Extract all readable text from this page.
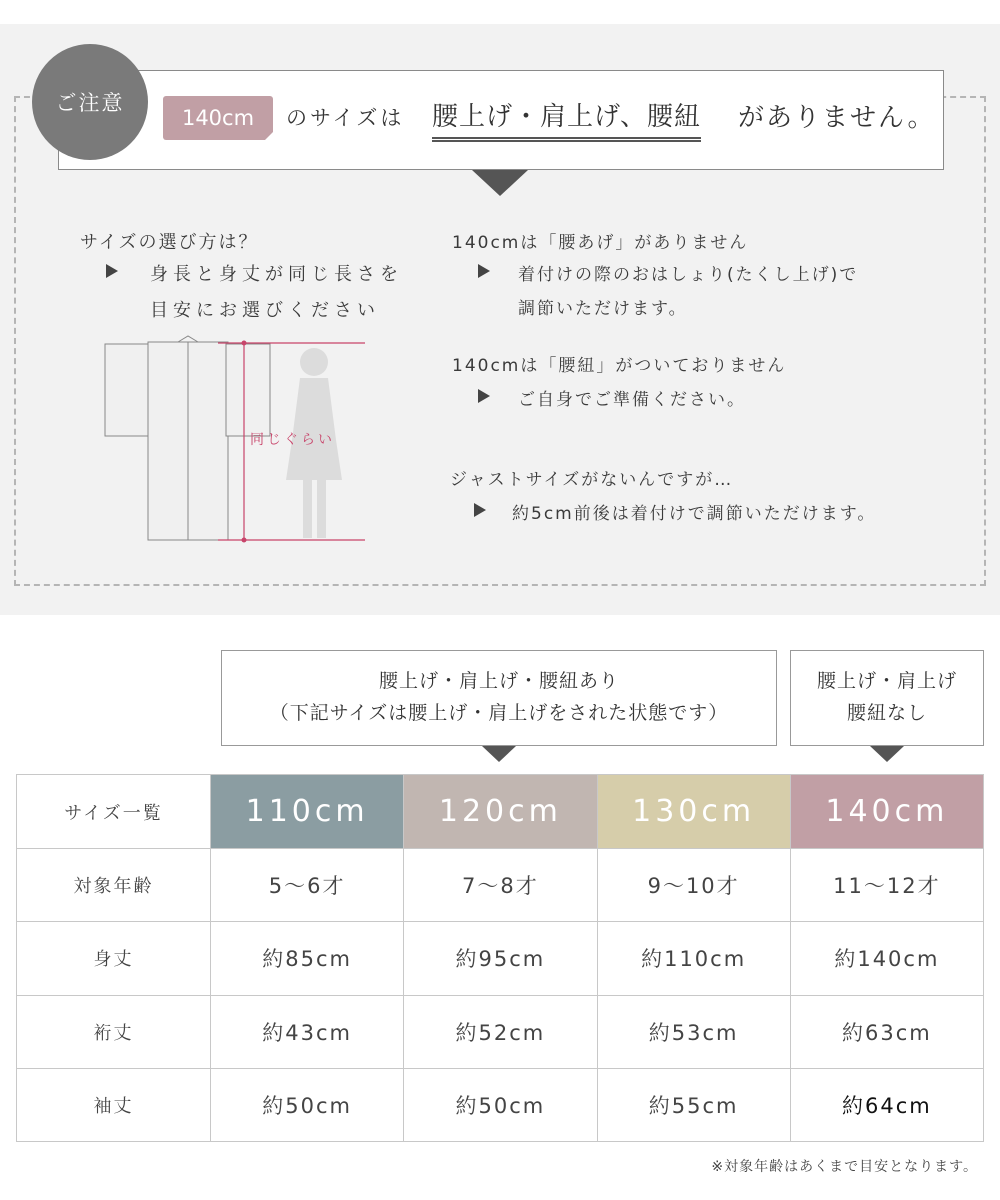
ご注意
140cm	のサイズは 腰上げ・肩上げ、腰紐 がありません。
サイズの選び方は？
身長と身丈が同じ長さを
目安にお選びください
同じぐらい
140cmは「腰あげ」がありません
着付けの際のおはしょり(たくし上げ)で
調節いただけます。
140cmは「腰紐」がついておりません
ご自身でご準備ください。
ジャストサイズがないんですが…
約5cm前後は着付けで調節いただけます。
腰上げ・肩上げ・腰紐あり
（下記サイズは腰上げ・肩上げをされた状態です）
腰上げ・肩上げ
腰紐なし
サイズ一覧	110cm	120cm	130cm	140cm
対象年齢	5～6才	7～8才	9～10才	11～12才
身丈	約85cm	約95cm	約110cm	約140cm
裄丈	約43cm	約52cm	約53cm	約63cm
袖丈	約50cm	約50cm	約55cm	約64cm
※対象年齢はあくまで目安となります。
